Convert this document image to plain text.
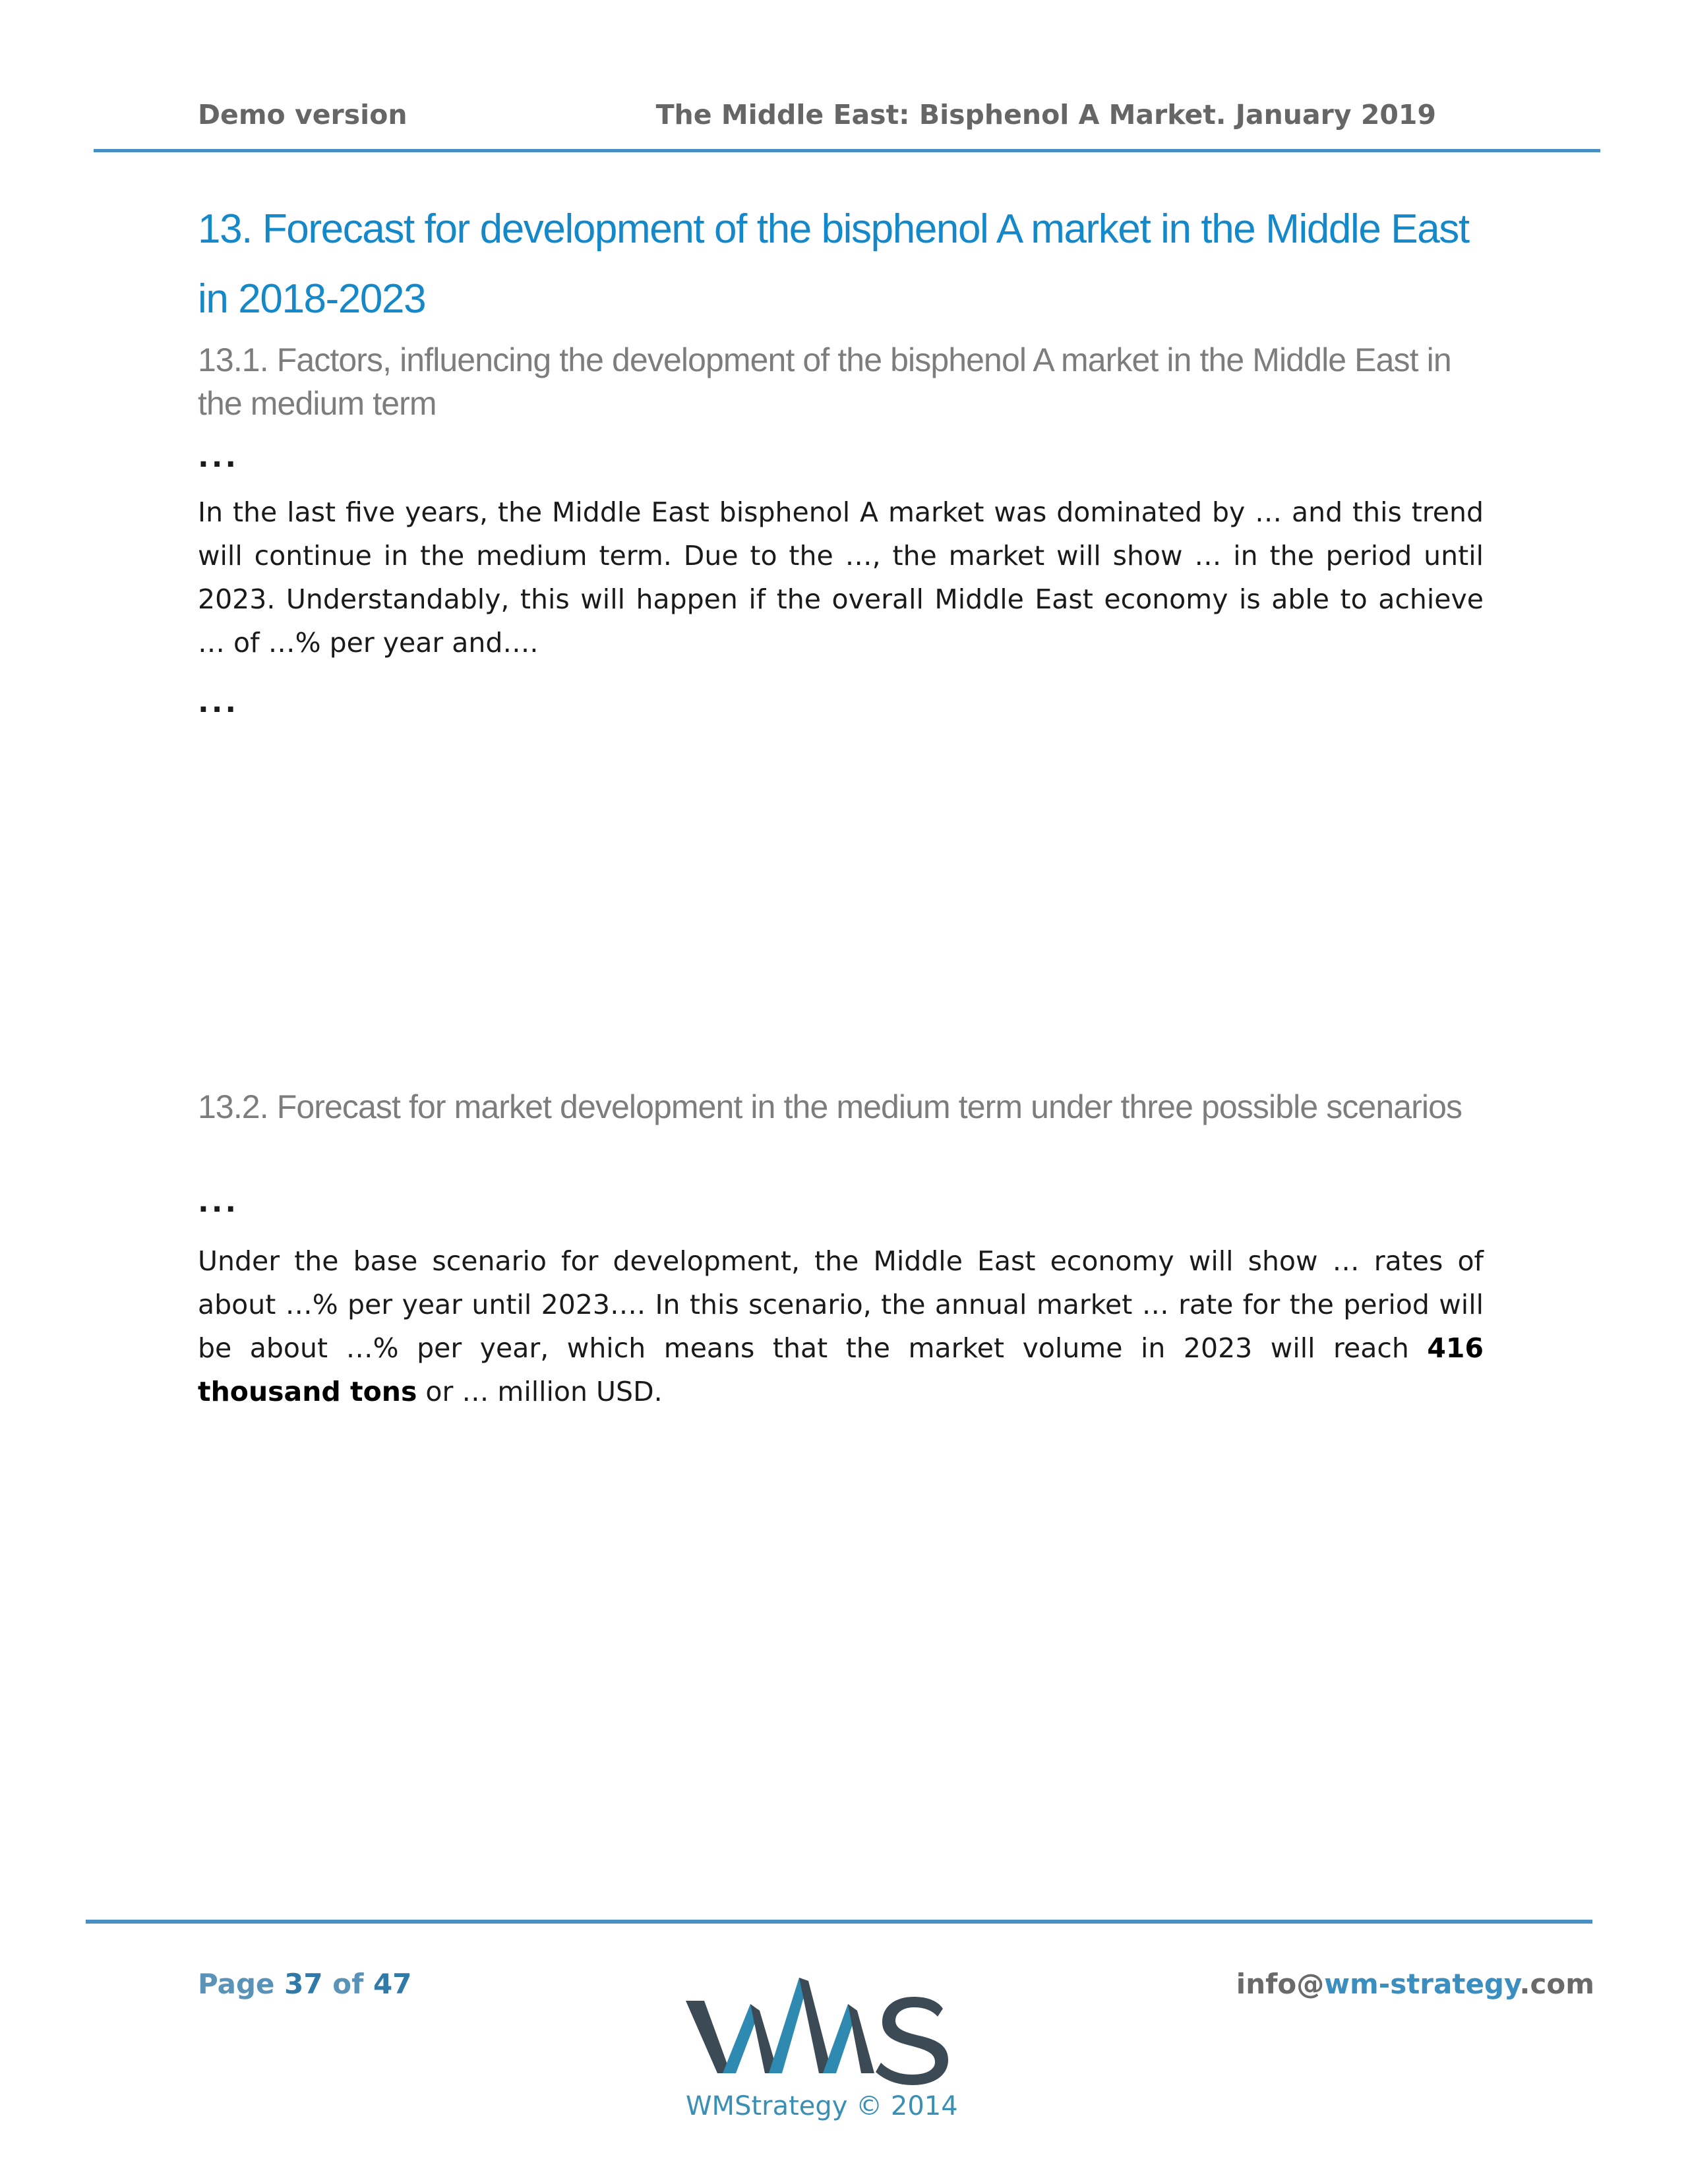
Demo version	The Middle East: Bisphenol A Market. January 2019
13. Forecast for development of the bisphenol A market in the Middle East
in 2018-2023
13.1. Factors, influencing the development of the bisphenol A market in the Middle East in the medium term
...
In the last five years, the Middle East bisphenol A market was dominated by … and this trend will continue in the medium term. Due to the …, the market will show … in the period until 2023. Understandably, this will happen if the overall Middle East economy is able to achieve … of …% per year and….
...
13.2. Forecast for market development in the medium term under three possible scenarios
...
Under the base scenario for development, the Middle East economy will show … rates of about …% per year until 2023…. In this scenario, the annual market … rate for the period will be about …% per year, which means that the market volume in 2023 will reach 416 thousand tons or … million USD.
Page 37 of 47	info@wm-strategy.com
WMStrategy © 2014
